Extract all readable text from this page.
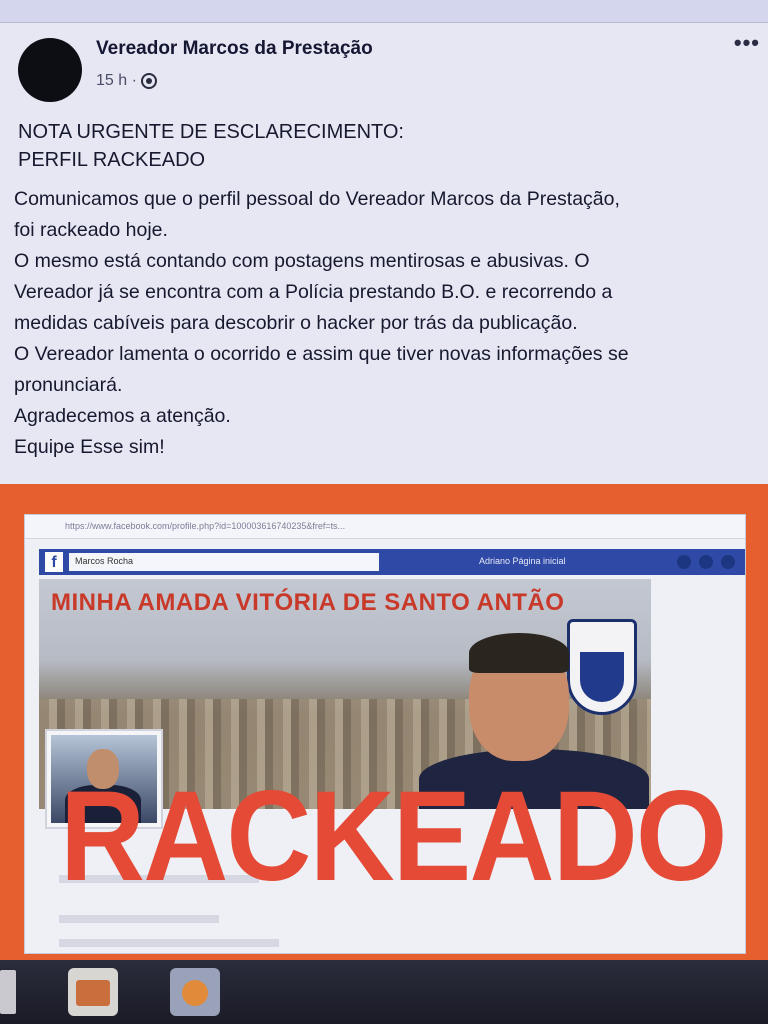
Vereador Marcos da Prestação
15 h ·
•••

NOTA URGENTE DE ESCLARECIMENTO:

PERFIL RACKEADO

Comunicamos que o perfil pessoal do Vereador Marcos da Prestação,

foi rackeado hoje.

O mesmo está contando com postagens mentirosas e abusivas. O

Vereador já se encontra com a Polícia prestando B.O. e recorrendo a

medidas cabíveis para descobrir o hacker por trás da publicação.

O Vereador lamenta o ocorrido e assim que tiver novas informações se

pronunciará.

Agradecemos a atenção.

Equipe Esse sim!

https://www.facebook.com/profile.php?id=100003616740235&fref=ts...
f	Marcos Rocha	Adriano Página inicial
MINHA AMADA VITÓRIA DE SANTO ANTÃO
RACKEADO
